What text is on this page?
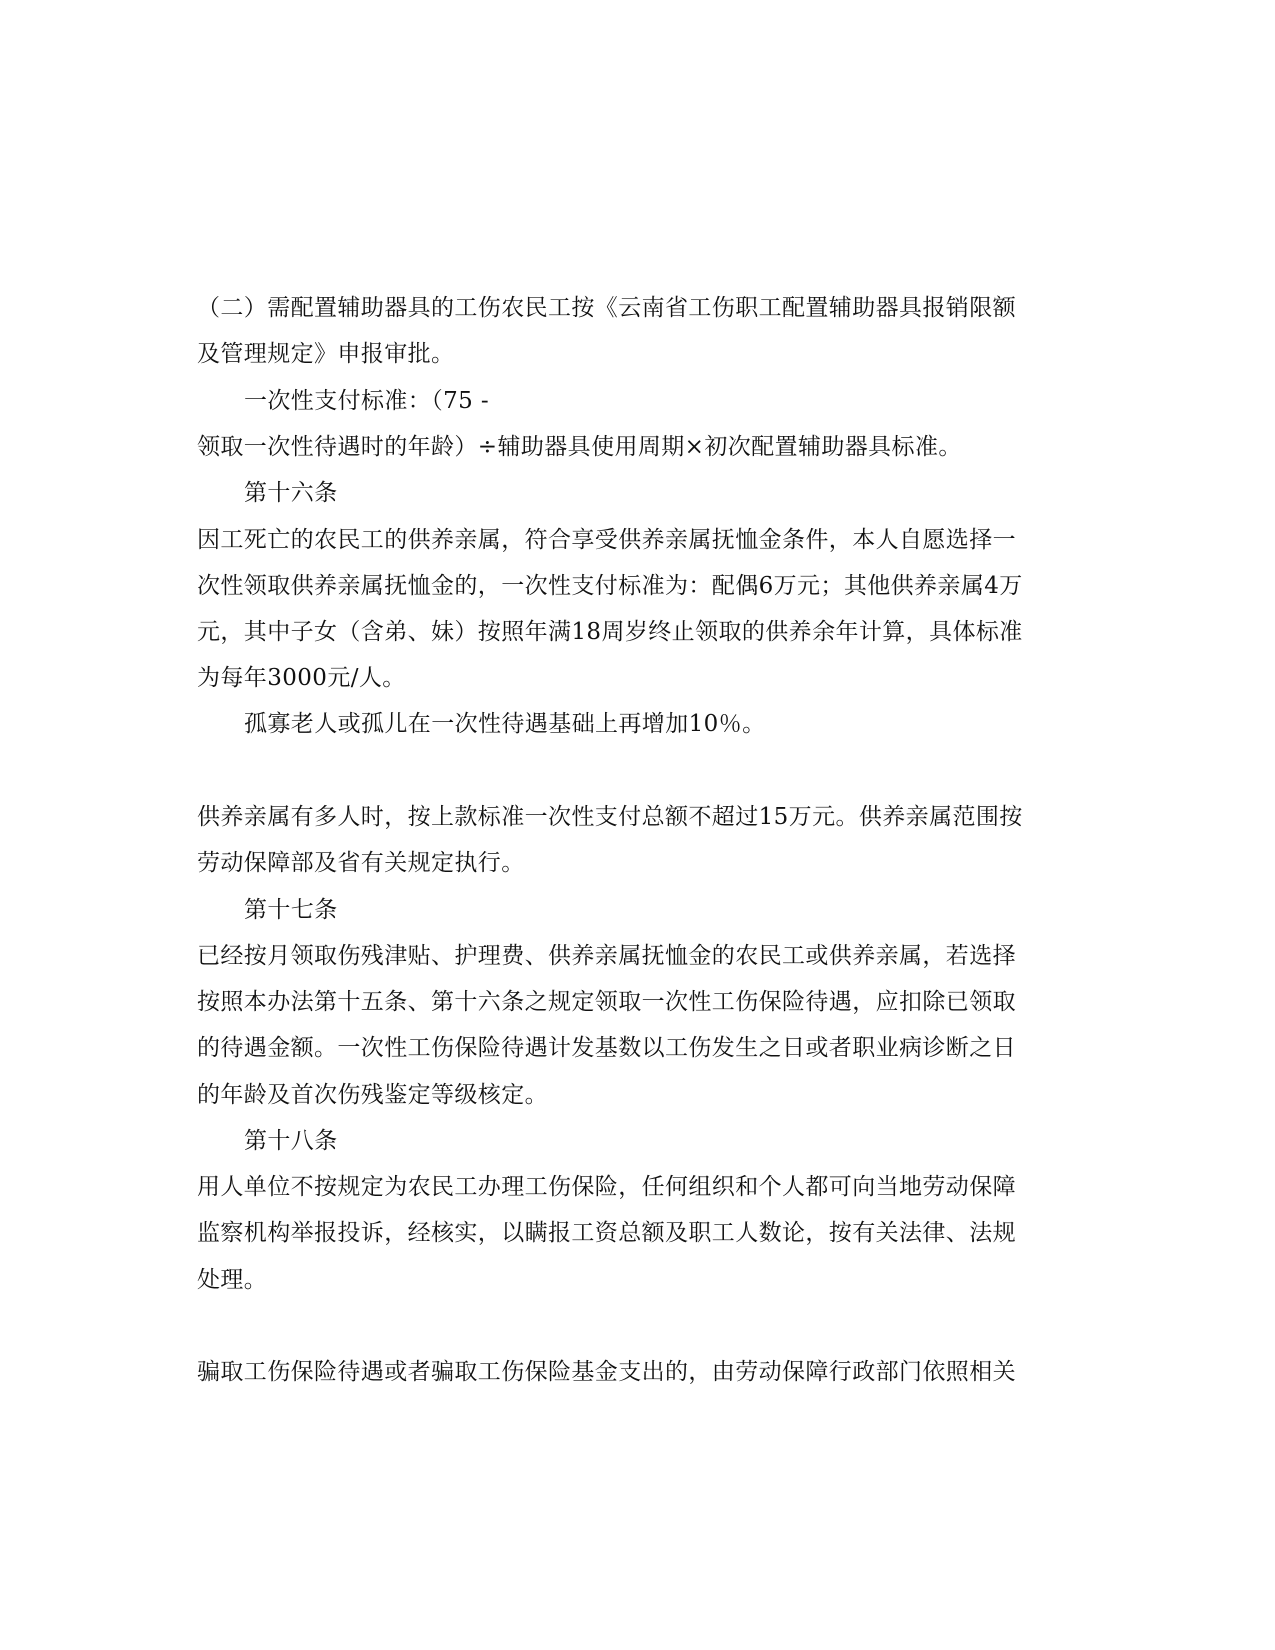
（二）需配置辅助器具的工伤农民工按《云南省工伤职工配置辅助器具报销限额
及管理规定》申报审批。
一次性支付标准：（75 -
领取一次性待遇时的年龄）÷辅助器具使用周期×初次配置辅助器具标准。
第十六条
因工死亡的农民工的供养亲属，符合享受供养亲属抚恤金条件，本人自愿选择一
次性领取供养亲属抚恤金的，一次性支付标准为：配偶6万元；其他供养亲属4万
元，其中子女（含弟、妹）按照年满18周岁终止领取的供养余年计算，具体标准
为每年3000元/人。
孤寡老人或孤儿在一次性待遇基础上再增加10％。
供养亲属有多人时，按上款标准一次性支付总额不超过15万元。供养亲属范围按
劳动保障部及省有关规定执行。
第十七条
已经按月领取伤残津贴、护理费、供养亲属抚恤金的农民工或供养亲属，若选择
按照本办法第十五条、第十六条之规定领取一次性工伤保险待遇，应扣除已领取
的待遇金额。一次性工伤保险待遇计发基数以工伤发生之日或者职业病诊断之日
的年龄及首次伤残鉴定等级核定。
第十八条
用人单位不按规定为农民工办理工伤保险，任何组织和个人都可向当地劳动保障
监察机构举报投诉，经核实，以瞒报工资总额及职工人数论，按有关法律、法规
处理。
骗取工伤保险待遇或者骗取工伤保险基金支出的，由劳动保障行政部门依照相关
